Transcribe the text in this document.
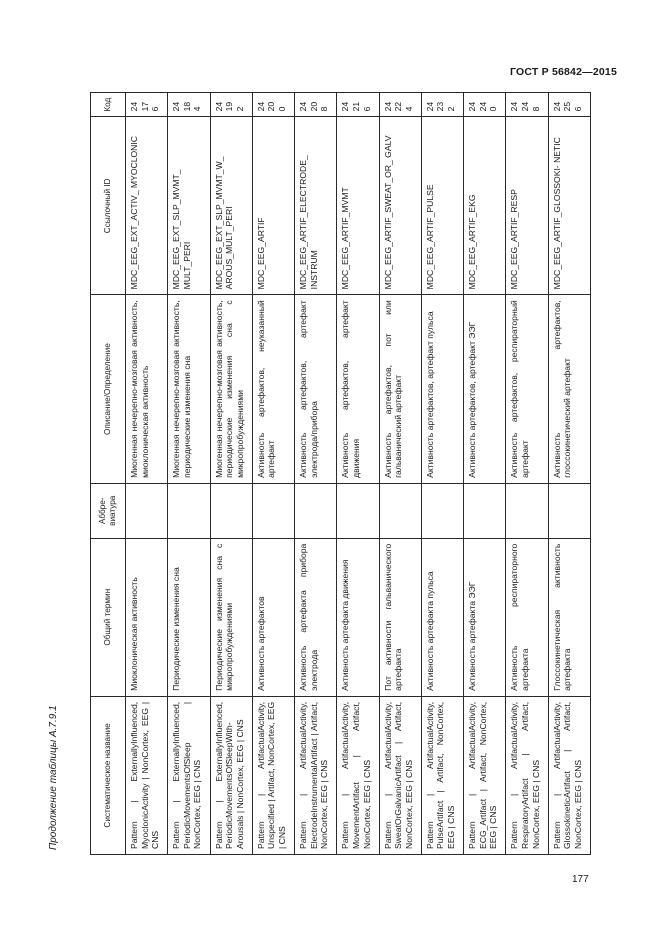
ГОСТ Р 56842—2015
Продолжение таблицы А.7.9.1	Систематическое название	Общий термин	Аббре- виатура	Описание/Определение	Ссылочный ID	Код
Pattern | ExternallyInfluenced, MyoclonicActivity | NonCortex, EEG | CNS	Миоклоническая активность		Миогенная нечерепно-мозговая активность, миоклоническая активность	MDC_EEG_EXT_ACTIV_ MYOCLONIC	24176
Pattern | ExternallyInfluenced, PeriodicMovementsOfSleep | NonCortex, EEG | CNS	Периодические изменения сна		Миогенная нечерепно-мозговая активность, периодические изменения сна	MDC_EEG_EXT_SLP_MVMT_ MULT_PERI	24184
Pattern | ExternallyInfluenced, PeriodicMovementsOfSleepWith-Arousals | NonCortex, EEG | CNS	Периодические изменения сна с микропробуждениями		Миогенная нечерепно-мозговая активность, периодические изменения сна с микропробуждениями	MDC_EEG_EXT_SLP_MVMT_W_ AROUS_MULT_PERI	24192
Pattern | ArtifactualActivity, Unspecified | Artifact, NonCortex, EEG | CNS	Активность артефактов		Активность артефактов, неуказанный артефакт	MDC_EEG_ARTIF	24200
Pattern | ArtifactualActivity, ElectrodeInstrumentalArtifact | Artifact, NonCortex, EEG | CNS	Активность артефакта прибора электрода		Активность артефактов, артефакт электрода/прибора	MDC_EEG_ARTIF_ELECTRODE_ INSTRUM	24208
Pattern | ArtifactualActivity, MovementArtifact | Artifact, NonCortex, EEG | CNS	Активность артефакта движения		Активность артефактов, артефакт движения	MDC_EEG_ARTIF_MVMT	24216
Pattern | ArtifactualActivity, SweatOrGalvanicArtifact | Artifact, NonCortex, EEG | CNS	Пот активности гальванического артефакта		Активность артефактов, пот или гальванический артефакт	MDC_EEG_ARTIF_SWEAT_OR_ GALV	24224
Pattern | ArtifactualActivity, PulseArtifact | Artifact, NonCortex, EEG | CNS	Активность артефакта пульса		Активность артефактов, артефакт пульса	MDC_EEG_ARTIF_PULSE	24232
Pattern | ArtifactualActivity, ECG_Artifact | Artifact, NonCortex, EEG | CNS	Активность артефакта ЭЭГ		Активность артефактов, артефакт ЭЭГ	MDC_EEG_ARTIF_EKG	24240
Pattern | ArtifactualActivity, RespiratoryArtifact | Artifact, NonCortex, EEG | CNS	Активность респираторного артефакта		Активность артефактов, респираторный артефакт	MDC_EEG_ARTIF_RESP	24248
Pattern | ArtifactualActivity, GlossokineticArtifact | Artifact, NonCortex, EEG | CNS	Глоссокинетическая активность артефакта		Активность артефактов, глоссокинетический артефакт	MDC_EEG_ARTIF_GLOSSOKI- NETIC	24256
177
